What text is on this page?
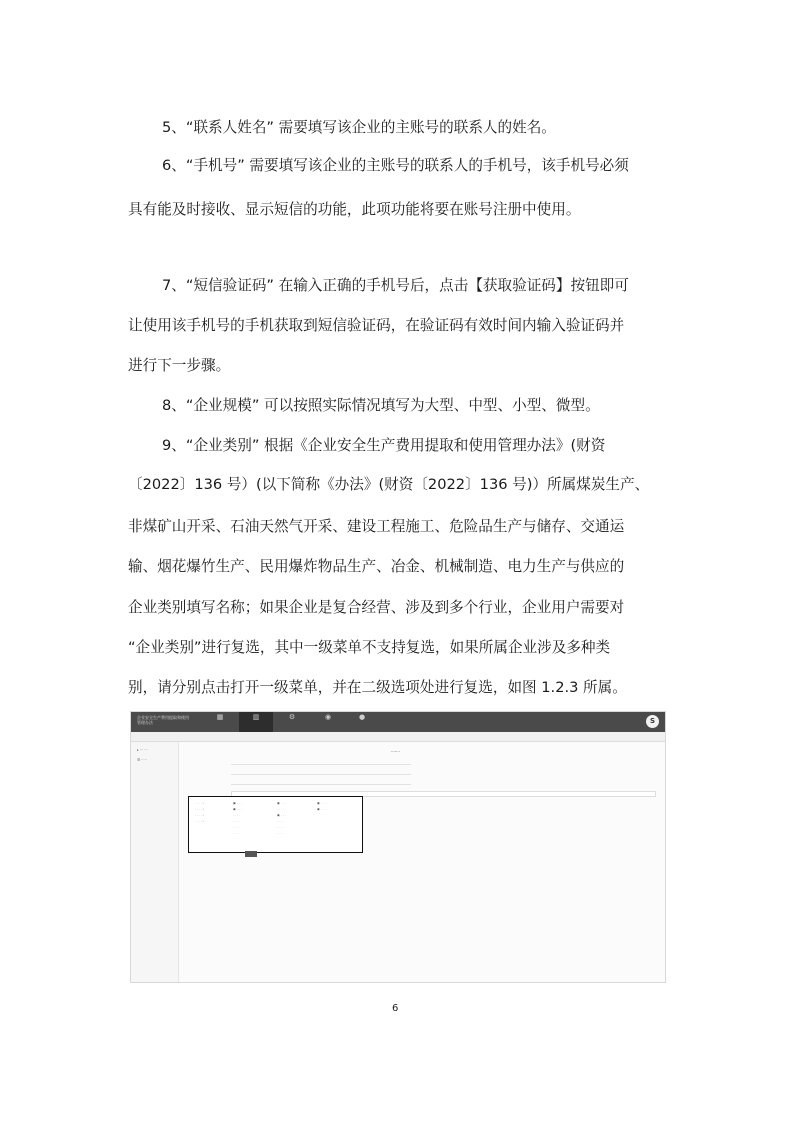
5、“联系人姓名” 需要填写该企业的主账号的联系人的姓名。

6、“手机号” 需要填写该企业的主账号的联系人的手机号，该手机号必须

具有能及时接收、显示短信的功能，此项功能将要在账号注册中使用。

7、“短信验证码” 在输入正确的手机号后，点击【获取验证码】按钮即可

让使用该手机号的手机获取到短信验证码，在验证码有效时间内输入验证码并

进行下一步骤。

8、“企业规模” 可以按照实际情况填写为大型、中型、小型、微型。

9、“企业类别” 根据《企业安全生产费用提取和使用管理办法》(财资

〔2022〕136 号）(以下简称《办法》(财资〔2022〕136 号)）所属煤炭生产、

非煤矿山开采、石油天然气开采、建设工程施工、危险品生产与储存、交通运

输、烟花爆竹生产、民用爆炸物品生产、冶金、机械制造、电力生产与供应的

企业类别填写名称；如果企业是复合经营、涉及到多个行业，企业用户需要对

“企业类别”进行复选，其中一级菜单不支持复选，如果所属企业涉及多种类

别，请分别点击打开一级菜单，并在二级选项处进行复选，如图 1.2.3 所属。

企业安全生产费用提取和使用管理办法
▦
	▥
	⚙
	◉
	●
	S
▸ ··· ···
☰ ·····
·······
· · · · ›
· · · · ›
· · · · ›
· · · · ›
▣ · · ·
▣ · · ·
· · · ·
· · · ·
· · · ·
· · · ·
▣ · · ·
· · · ·
▣ · · ·
· · · ·
· · · ·
· · · ·
▣ · · · ·
▣ · · · ·
6
